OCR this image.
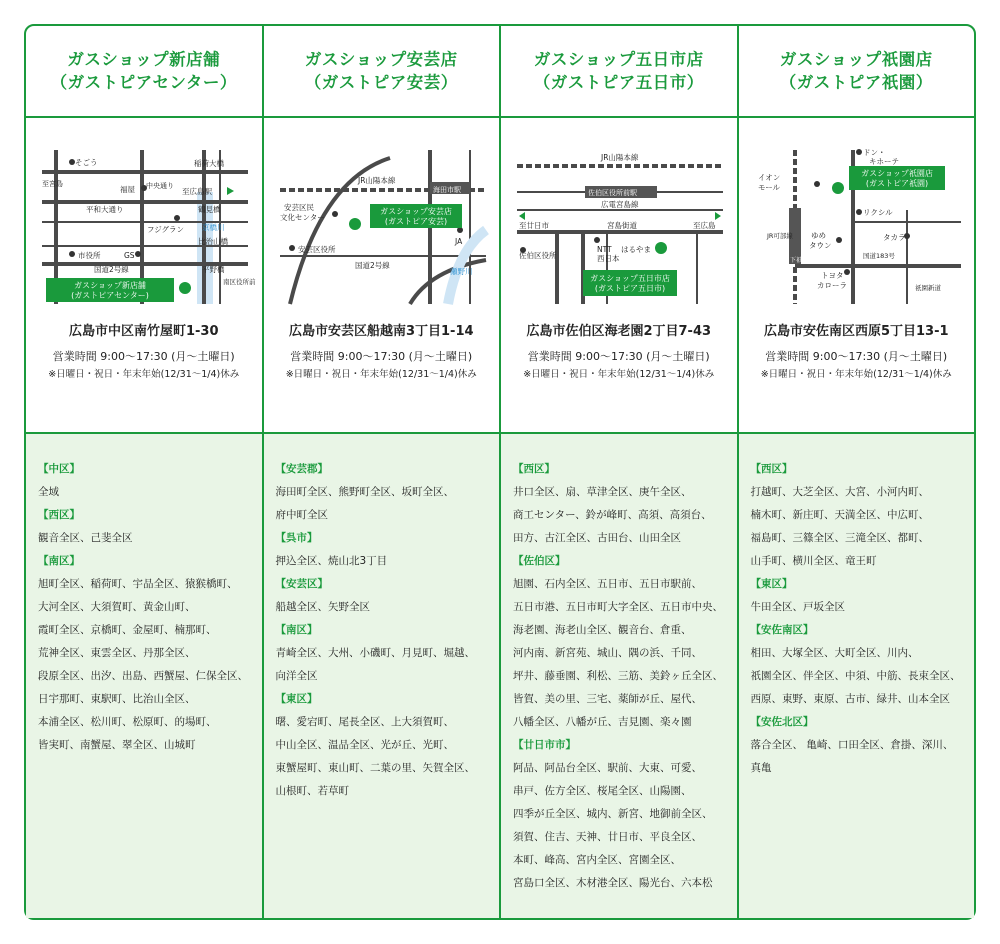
ガスショップ新店舗
（ガストピアセンター）
そごう	稲荷大橋
至広島駅
福屋 中央通り
至宮島
平和大通り	鶴見橋
フジグラン 京橋川
比治山橋
市役所	GS
国道2号線	平野橋
南区役所前
ガスショップ新店舗
(ガストピアセンター)
広島市中区南竹屋町1-30
営業時間 9:00〜17:30 (月〜土曜日)
※日曜日・祝日・年末年始(12/31〜1/4)休み
【中区】
全域
【西区】
観音全区、己斐全区
【南区】
旭町全区、稲荷町、宇品全区、猿猴橋町、
大河全区、大須賀町、黄金山町、
霞町全区、京橋町、金屋町、楠那町、
荒神全区、東雲全区、丹那全区、
段原全区、出汐、出島、西蟹屋、仁保全区、
日宇那町、東駅町、比治山全区、
本浦全区、松川町、松原町、的場町、
皆実町、南蟹屋、翠全区、山城町
ガスショップ安芸店
（ガストピア安芸）
JR山陽本線
海田市駅
安芸区民
文化センター
JA
安芸区役所
国道2号線
瀬野川
ガスショップ安芸店
(ガストピア安芸)
広島市安芸区船越南3丁目1-14
営業時間 9:00〜17:30 (月〜土曜日)
※日曜日・祝日・年末年始(12/31〜1/4)休み
【安芸郡】
海田町全区、熊野町全区、坂町全区、
府中町全区
【呉市】
押込全区、焼山北3丁目
【安芸区】
船越全区、矢野全区
【南区】
青崎全区、大州、小磯町、月見町、堀越、
向洋全区
【東区】
曙、愛宕町、尾長全区、上大須賀町、
中山全区、温品全区、光が丘、光町、
東蟹屋町、東山町、二葉の里、矢賀全区、
山根町、若草町
ガスショップ五日市店
（ガストピア五日市）
JR山陽本線
佐伯区役所前駅
広電宮島線
至廿日市	宮島街道	至広島
佐伯区役所
NTT はるやま
西日本
ガスショップ五日市店
(ガストピア五日市)
広島市佐伯区海老園2丁目7-43
営業時間 9:00〜17:30 (月〜土曜日)
※日曜日・祝日・年末年始(12/31〜1/4)休み
【西区】
井口全区、扇、草津全区、庚午全区、
商工センター、鈴が峰町、高須、高須台、
田方、古江全区、古田台、山田全区
【佐伯区】
旭園、石内全区、五日市、五日市駅前、
五日市港、五日市町大字全区、五日市中央、
海老園、海老山全区、観音台、倉重、
河内南、新宮苑、城山、隅の浜、千同、
坪井、藤垂園、利松、三筋、美鈴ヶ丘全区、
皆賀、美の里、三宅、薬師が丘、屋代、
八幡全区、八幡が丘、吉見園、楽々園
【廿日市市】
阿品、阿品台全区、駅前、大東、可愛、
串戸、佐方全区、桜尾全区、山陽園、
四季が丘全区、城内、新宮、地御前全区、
須賀、住吉、天神、廿日市、平良全区、
本町、峰高、宮内全区、宮園全区、
宮島口全区、木材港全区、陽光台、六本松
ガスショップ祇園店
（ガストピア祇園）
ドン・
キホーテ
イオン
モール
JR可部線
下祇園駅
リクシル
ゆめ
タウン
タカラ
国道183号
祇園新道
トヨタ
カローラ
ガスショップ祇園店
(ガストピア祇園)
広島市安佐南区西原5丁目13-1
営業時間 9:00〜17:30 (月〜土曜日)
※日曜日・祝日・年末年始(12/31〜1/4)休み
【西区】
打越町、大芝全区、大宮、小河内町、
楠木町、新庄町、天満全区、中広町、
福島町、三篠全区、三滝全区、都町、
山手町、横川全区、竜王町
【東区】
牛田全区、戸坂全区
【安佐南区】
相田、大塚全区、大町全区、川内、
祇園全区、伴全区、中須、中筋、長束全区、
西原、東野、東原、古市、緑井、山本全区
【安佐北区】
落合全区、 亀崎、口田全区、倉掛、深川、
真亀
